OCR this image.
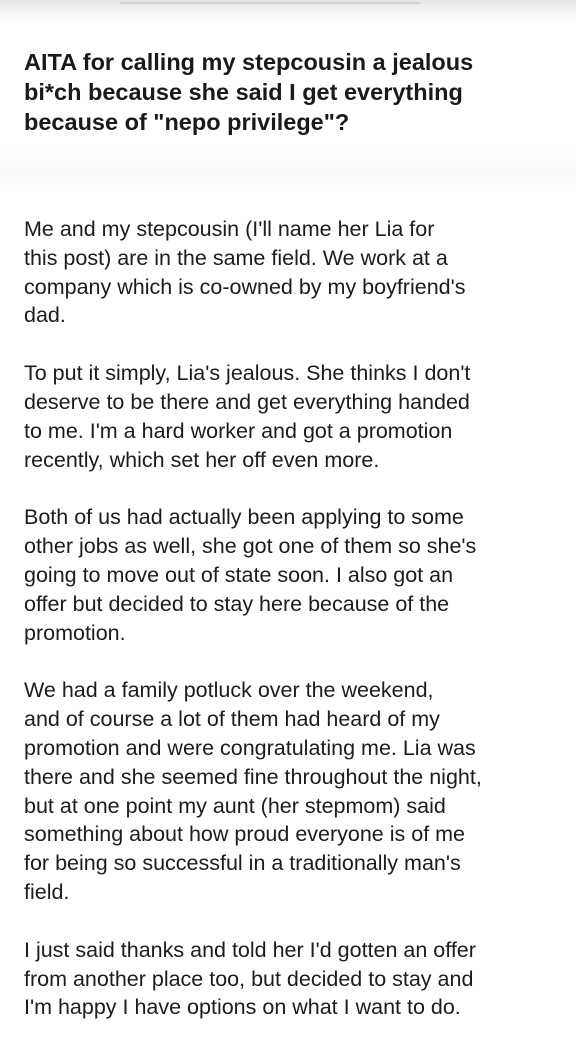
AITA for calling my stepcousin a jealous
bi*ch because she said I get everything
because of "nepo privilege"?

Me and my stepcousin (I'll name her Lia for
this post) are in the same field. We work at a
company which is co-owned by my boyfriend's
dad.

To put it simply, Lia's jealous. She thinks I don't
deserve to be there and get everything handed
to me. I'm a hard worker and got a promotion
recently, which set her off even more.

Both of us had actually been applying to some
other jobs as well, she got one of them so she's
going to move out of state soon. I also got an
offer but decided to stay here because of the
promotion.

We had a family potluck over the weekend,
and of course a lot of them had heard of my
promotion and were congratulating me. Lia was
there and she seemed fine throughout the night,
but at one point my aunt (her stepmom) said
something about how proud everyone is of me
for being so successful in a traditionally man's
field.

I just said thanks and told her I'd gotten an offer
from another place too, but decided to stay and
I'm happy I have options on what I want to do.
